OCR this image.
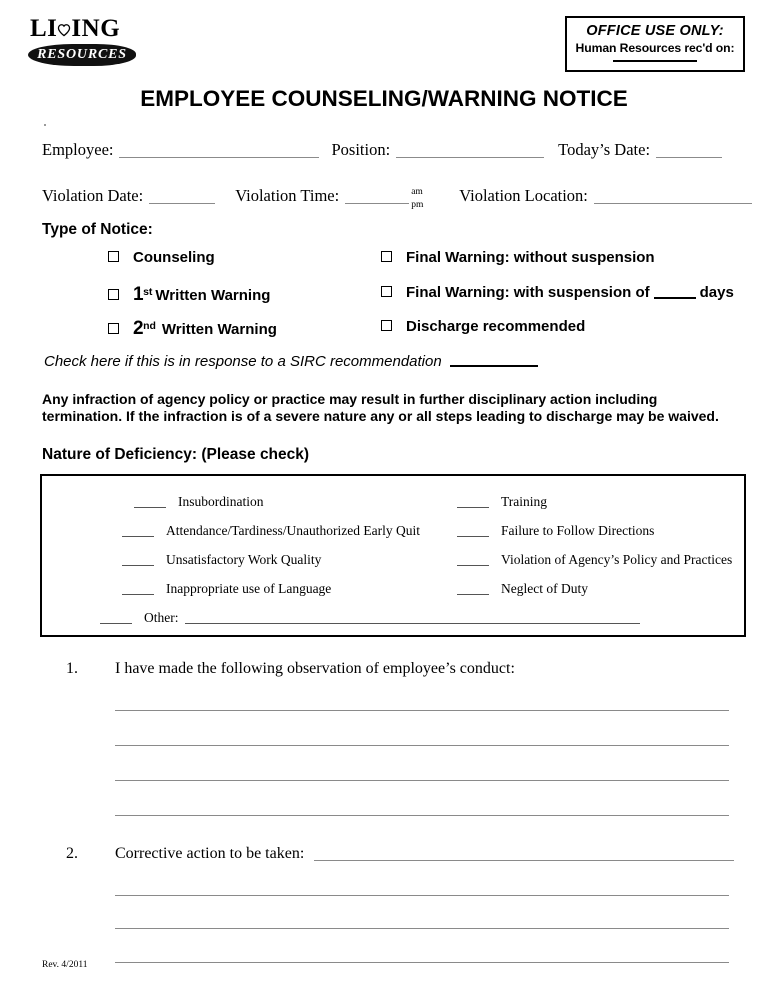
LI ING
RESOURCES
OFFICE USE ONLY:
Human Resources rec'd on:
EMPLOYEE COUNSELING/WARNING NOTICE
Employee:	Position:	Today’s Date:
Violation Date:	Violation Time:	am
pm Violation Location:
Type of Notice:
Counseling
1st Written Warning
2nd Written Warning
Final Warning: without suspension
Final Warning: with suspension of	days
Discharge recommended
Check here if this is in response to a SIRC recommendation
Any infraction of agency policy or practice may result in further disciplinary action including termination. If the infraction is of a severe nature any or all steps leading to discharge may be waived.
Nature of Deficiency: (Please check)
Insubordination
Attendance/Tardiness/Unauthorized Early Quit
Unsatisfactory Work Quality
Inappropriate use of Language
Other:
Training
Failure to Follow Directions
Violation of Agency’s Policy and Practices
Neglect of Duty
1. I have made the following observation of employee’s conduct:
2. Corrective action to be taken:
Rev. 4/2011
